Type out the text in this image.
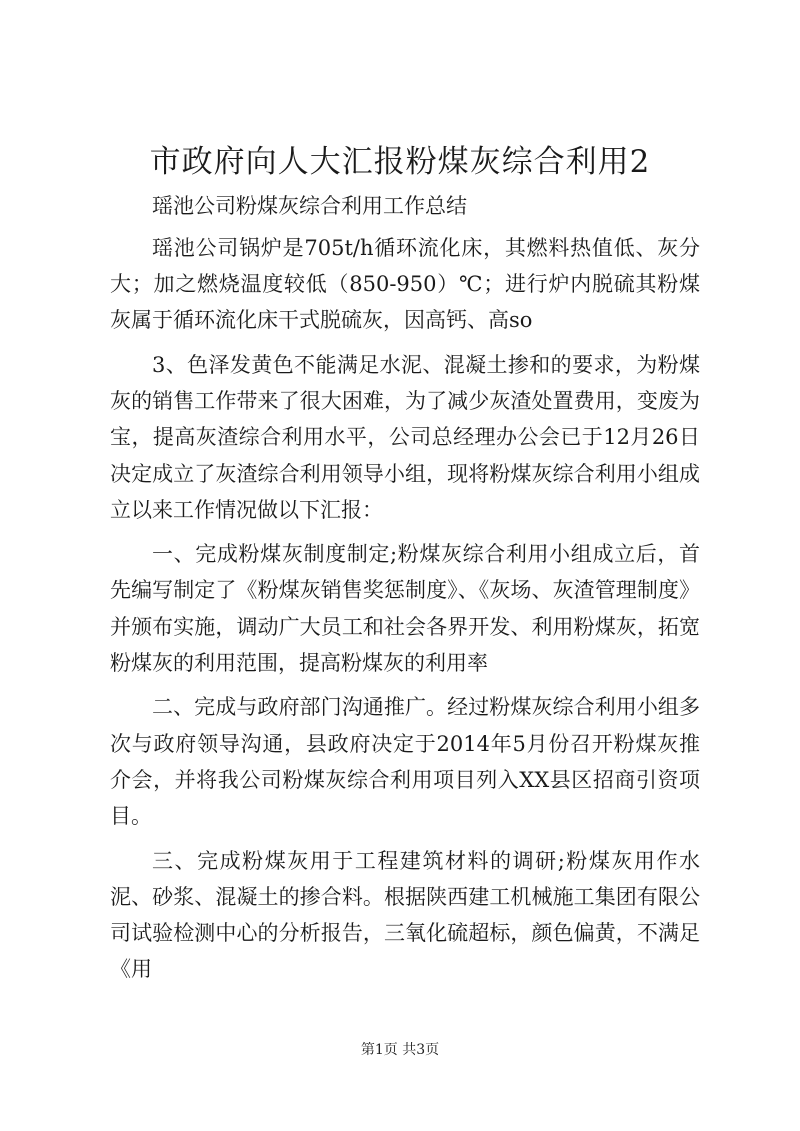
市政府向人大汇报粉煤灰综合利用2

瑶池公司粉煤灰综合利用工作总结

瑶池公司锅炉是705t/h循环流化床，其燃料热值低、灰分大；加之燃烧温度较低（850-950）℃；进行炉内脱硫其粉煤灰属于循环流化床干式脱硫灰，因高钙、高so

3、色泽发黄色不能满足水泥、混凝土掺和的要求，为粉煤灰的销售工作带来了很大困难，为了减少灰渣处置费用，变废为宝，提高灰渣综合利用水平，公司总经理办公会已于12月26日决定成立了灰渣综合利用领导小组，现将粉煤灰综合利用小组成立以来工作情况做以下汇报：

一、完成粉煤灰制度制定;粉煤灰综合利用小组成立后，首先编写制定了《粉煤灰销售奖惩制度》、《灰场、灰渣管理制度》并颁布实施，调动广大员工和社会各界开发、利用粉煤灰，拓宽粉煤灰的利用范围，提高粉煤灰的利用率

二、完成与政府部门沟通推广。经过粉煤灰综合利用小组多次与政府领导沟通，县政府决定于2014年5月份召开粉煤灰推介会，并将我公司粉煤灰综合利用项目列入XX县区招商引资项目。

三、完成粉煤灰用于工程建筑材料的调研;粉煤灰用作水泥、砂浆、混凝土的掺合料。根据陕西建工机械施工集团有限公司试验检测中心的分析报告，三氧化硫超标，颜色偏黄，不满足《用

第1页 共3页
